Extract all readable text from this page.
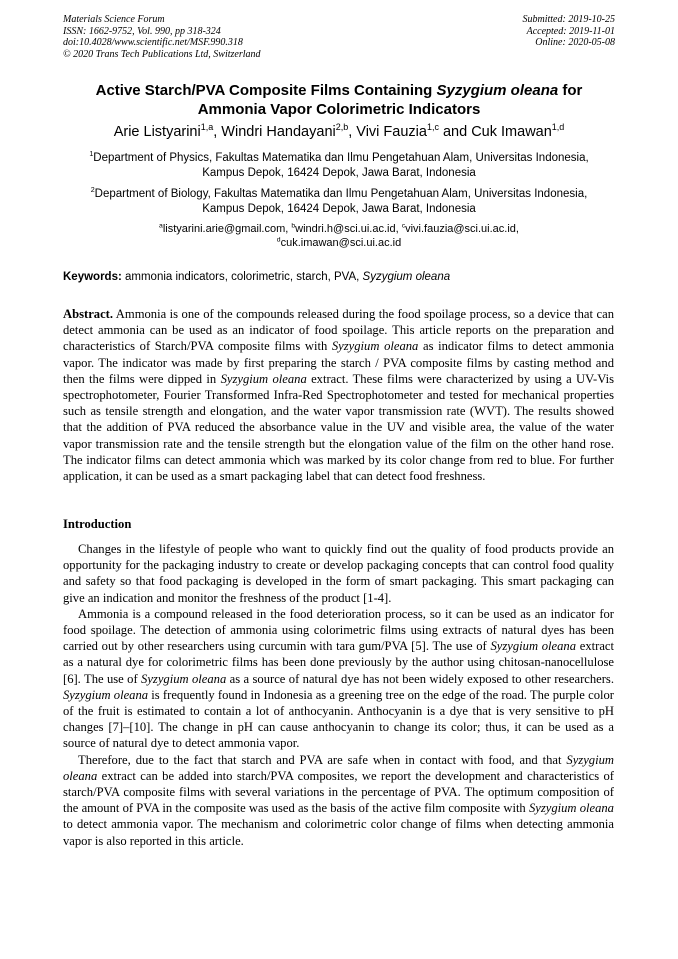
Materials Science Forum
ISSN: 1662-9752, Vol. 990, pp 318-324
doi:10.4028/www.scientific.net/MSF.990.318
© 2020 Trans Tech Publications Ltd, Switzerland
Submitted: 2019-10-25
Accepted: 2019-11-01
Online: 2020-05-08
Active Starch/PVA Composite Films Containing Syzygium oleana for
Ammonia Vapor Colorimetric Indicators
Arie Listyarini$^{1,a}$, Windri Handayani$^{2,b}$, Vivi Fauzia$^{1,c}$ and Cuk Imawan$^{1,d}$
$^1$Department of Physics, Fakultas Matematika dan Ilmu Pengetahuan Alam, Universitas Indonesia,
Kampus Depok, 16424 Depok, Jawa Barat, Indonesia
$^2$Department of Biology, Fakultas Matematika dan Ilmu Pengetahuan Alam, Universitas Indonesia,
Kampus Depok, 16424 Depok, Jawa Barat, Indonesia
$^a$listyarini.arie@gmail.com, $^b$windri.h@sci.ui.ac.id, $^c$vivi.fauzia@sci.ui.ac.id,
$^d$cuk.imawan@sci.ui.ac.id
Keywords: ammonia indicators, colorimetric, starch, PVA, Syzygium oleana

Abstract. Ammonia is one of the compounds released during the food spoilage process, so a device that can detect ammonia can be used as an indicator of food spoilage. This article reports on the preparation and characteristics of Starch/PVA composite films with Syzygium oleana as indicator films to detect ammonia vapor. The indicator was made by first preparing the starch / PVA composite films by casting method and then the films were dipped in Syzygium oleana extract. These films were characterized by using a UV-Vis spectrophotometer, Fourier Transformed Infra-Red Spectrophotometer and tested for mechanical properties such as tensile strength and elongation, and the water vapor transmission rate (WVT). The results showed that the addition of PVA reduced the absorbance value in the UV and visible area, the value of the water vapor transmission rate and the tensile strength but the elongation value of the film on the other hand rose. The indicator films can detect ammonia which was marked by its color change from red to blue. For further application, it can be used as a smart packaging label that can detect food freshness.

Introduction

Changes in the lifestyle of people who want to quickly find out the quality of food products provide an opportunity for the packaging industry to create or develop packaging concepts that can control food quality and safety so that food packaging is developed in the form of smart packaging. This smart packaging can give an indication and monitor the freshness of the product [1-4].

Ammonia is a compound released in the food deterioration process, so it can be used as an indicator for food spoilage. The detection of ammonia using colorimetric films using extracts of natural dyes has been carried out by other researchers using curcumin with tara gum/PVA [5]. The use of Syzygium oleana extract as a natural dye for colorimetric films has been done previously by the author using chitosan-nanocellulose [6]. The use of Syzygium oleana as a source of natural dye has not been widely exposed to other researchers. Syzygium oleana is frequently found in Indonesia as a greening tree on the edge of the road. The purple color of the fruit is estimated to contain a lot of anthocyanin. Anthocyanin is a dye that is very sensitive to pH changes [7]–[10]. The change in pH can cause anthocyanin to change its color; thus, it can be used as a source of natural dye to detect ammonia vapor.

Therefore, due to the fact that starch and PVA are safe when in contact with food, and that Syzygium oleana extract can be added into starch/PVA composites, we report the development and characteristics of starch/PVA composite films with several variations in the percentage of PVA. The optimum composition of the amount of PVA in the composite was used as the basis of the active film composite with Syzygium oleana to detect ammonia vapor. The mechanism and colorimetric color change of films when detecting ammonia vapor is also reported in this article.
